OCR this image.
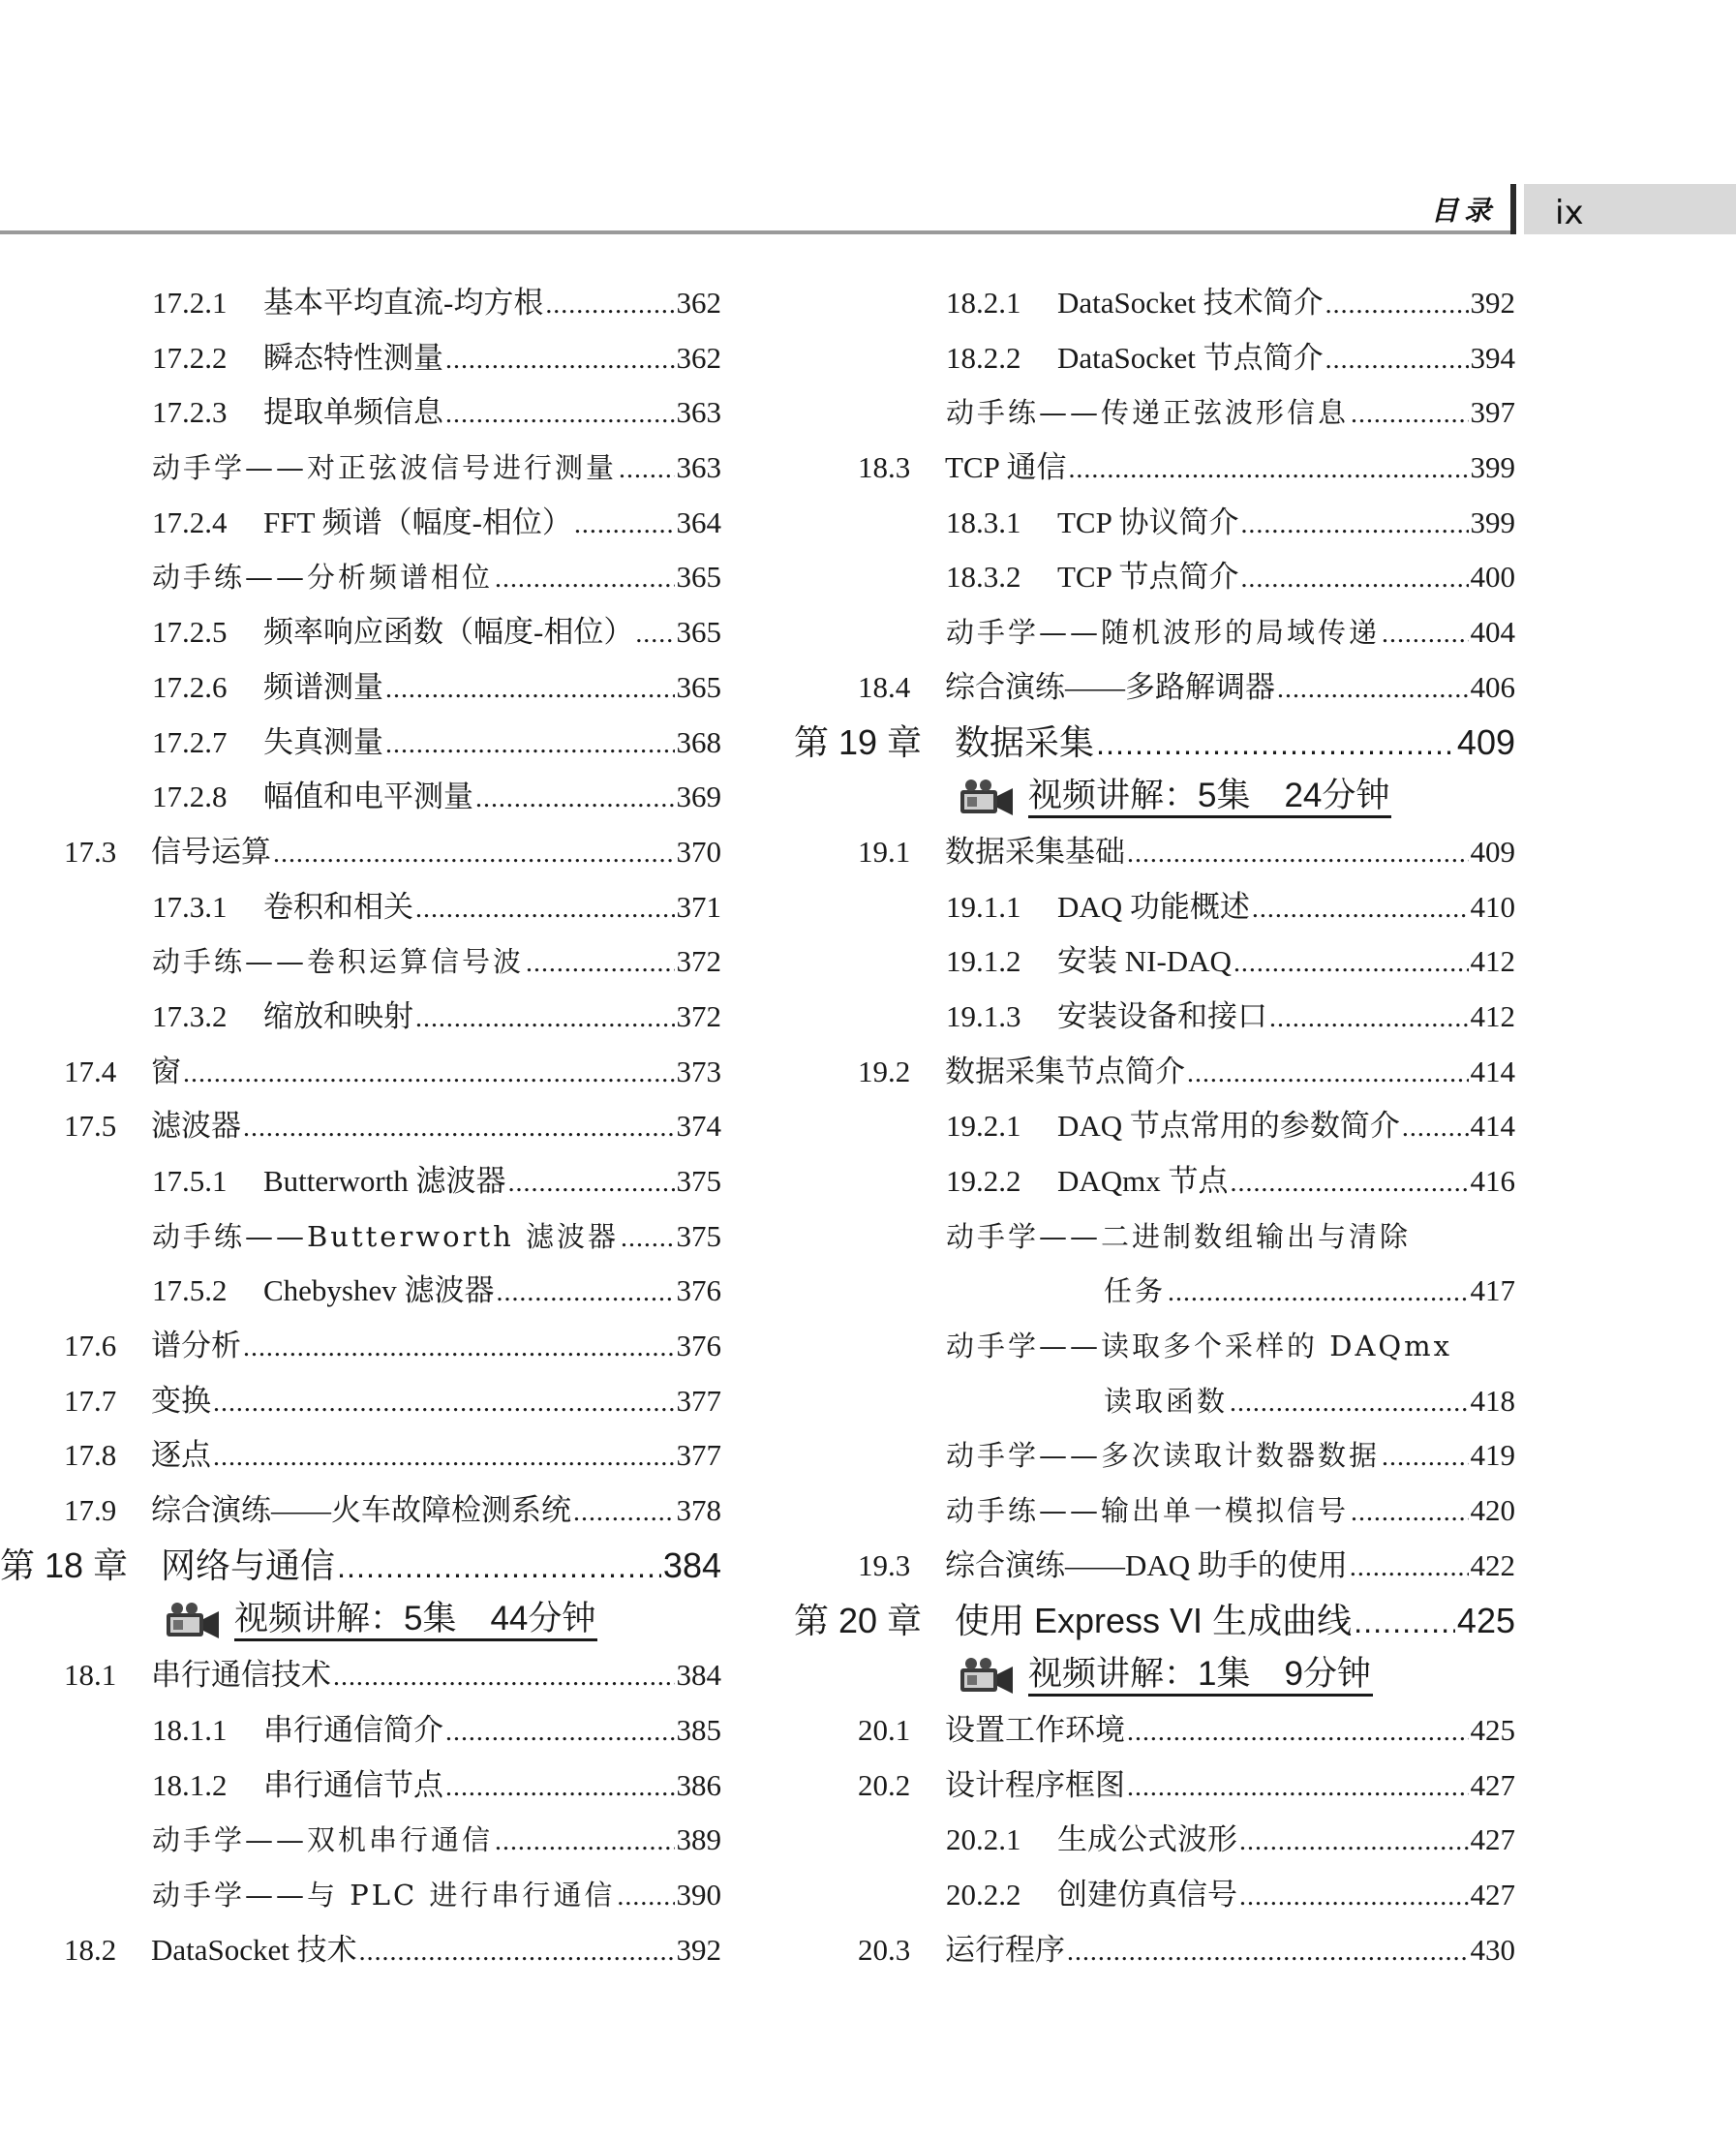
目录 ix
17.2.1	基本平均直流-均方根 .....	362
17.2.2	瞬态特性测量 .....	362
17.2.3	提取单频信息 .....	363
动手学——对正弦波信号进行测量 ..... 363
17.2.4	FFT 频谱（幅度-相位） .....	364
动手练——分析频谱相位 .....	365
17.2.5	频率响应函数（幅度-相位） ..... 365
17.2.6	频谱测量 .....	365
17.2.7	失真测量 .....	368
17.2.8	幅值和电平测量 .....	369
17.3	信号运算 .....	370
17.3.1	卷积和相关 .....	371
动手练——卷积运算信号波 .....	372
17.3.2	缩放和映射 .....	372
17.4	窗 .....	373
17.5	滤波器 .....	374
17.5.1	Butterworth 滤波器 .....	375
动手练——Butterworth 滤波器 ..... 375
17.5.2	Chebyshev 滤波器 .....	376
17.6	谱分析 .....	376
17.7	变换 .....	377
17.8	逐点 .....	377
17.9	综合演练——火车故障检测系统 .....	378
第 18 章 网络与通信 .....	384
视频讲解：5集　44分钟
18.1	串行通信技术 .....	384
18.1.1	串行通信简介 .....	385
18.1.2	串行通信节点 .....	386
动手学——双机串行通信 .....	389
动手学——与 PLC 进行串行通信 ..... 390
18.2	DataSocket 技术 .....	392
18.2.1	DataSocket 技术简介 .....	392
18.2.2	DataSocket 节点简介 .....	394
动手练——传递正弦波形信息 .....	397
18.3	TCP 通信 .....	399
18.3.1	TCP 协议简介 .....	399
18.3.2	TCP 节点简介 .....	400
动手学——随机波形的局域传递 .....	404
18.4	综合演练——多路解调器 .....	406
第 19 章 数据采集 .....	409
视频讲解：5集　24分钟
19.1	数据采集基础 .....	409
19.1.1	DAQ 功能概述 .....	410
19.1.2	安装 NI-DAQ .....	412
19.1.3	安装设备和接口 .....	412
19.2	数据采集节点简介 .....	414
19.2.1	DAQ 节点常用的参数简介 ..... 414
19.2.2	DAQmx 节点 .....	416
动手学——二进制数组输出与清除
任务 .....	417
动手学——读取多个采样的 DAQmx
读取函数 .....	418
动手学——多次读取计数器数据 .....	419
动手练——输出单一模拟信号 .....	420
19.3	综合演练——DAQ 助手的使用 .....	422
第 20 章 使用 Express VI 生成曲线 .....	425
视频讲解：1集　9分钟
20.1	设置工作环境 .....	425
20.2	设计程序框图 .....	427
20.2.1	生成公式波形 .....	427
20.2.2	创建仿真信号 .....	427
20.3	运行程序 .....	430
